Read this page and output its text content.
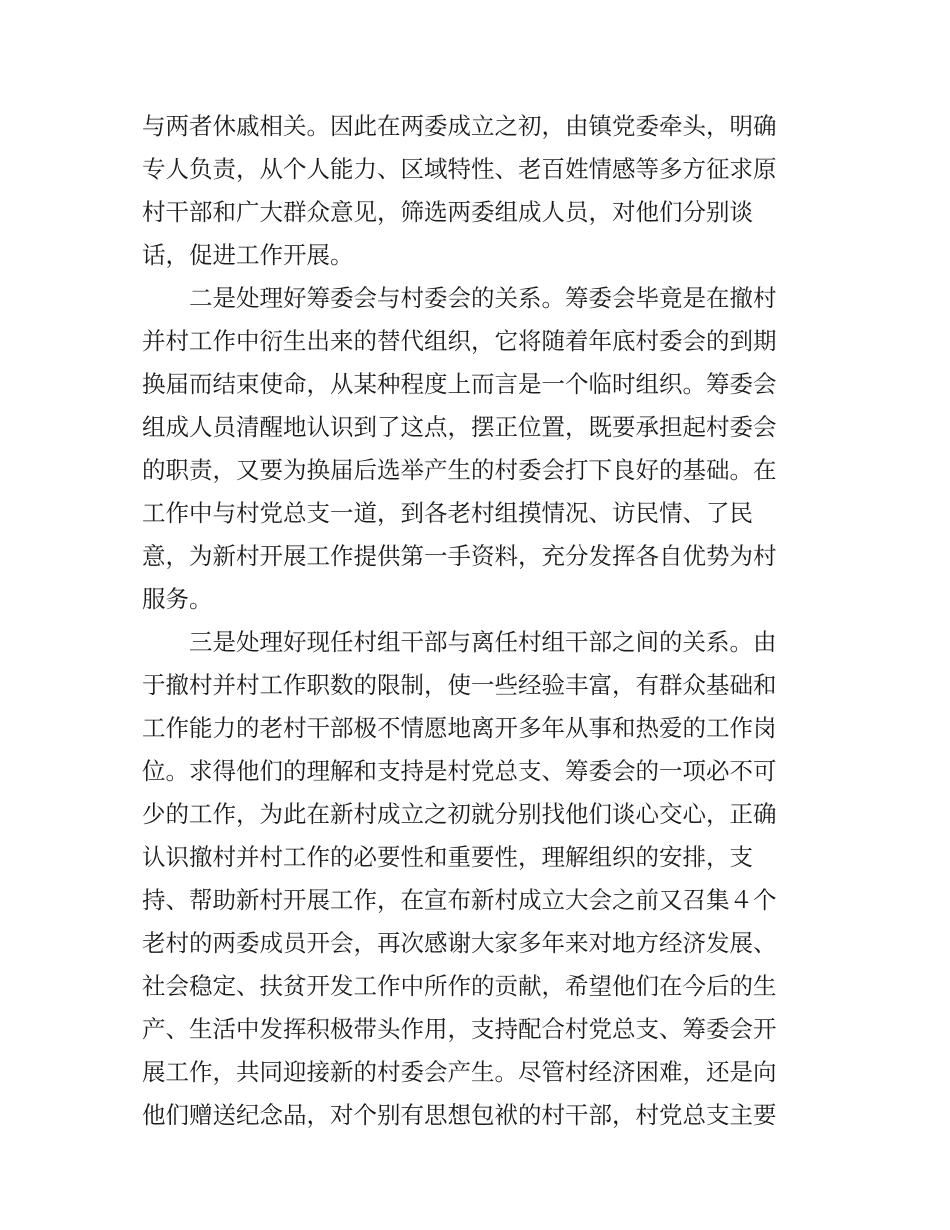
与两者休戚相关。因此在两委成立之初，由镇党委牵头，明确
专人负责，从个人能力、区域特性、老百姓情感等多方征求原
村干部和广大群众意见，筛选两委组成人员，对他们分别谈
话，促进工作开展。
　　二是处理好筹委会与村委会的关系。筹委会毕竟是在撤村
并村工作中衍生出来的替代组织，它将随着年底村委会的到期
换届而结束使命，从某种程度上而言是一个临时组织。筹委会
组成人员清醒地认识到了这点，摆正位置，既要承担起村委会
的职责，又要为换届后选举产生的村委会打下良好的基础。在
工作中与村党总支一道，到各老村组摸情况、访民情、了民
意，为新村开展工作提供第一手资料，充分发挥各自优势为村
服务。
　　三是处理好现任村组干部与离任村组干部之间的关系。由
于撤村并村工作职数的限制，使一些经验丰富，有群众基础和
工作能力的老村干部极不情愿地离开多年从事和热爱的工作岗
位。求得他们的理解和支持是村党总支、筹委会的一项必不可
少的工作，为此在新村成立之初就分别找他们谈心交心，正确
认识撤村并村工作的必要性和重要性，理解组织的安排，支
持、帮助新村开展工作，在宣布新村成立大会之前又召集４个
老村的两委成员开会，再次感谢大家多年来对地方经济发展、
社会稳定、扶贫开发工作中所作的贡献，希望他们在今后的生
产、生活中发挥积极带头作用，支持配合村党总支、筹委会开
展工作，共同迎接新的村委会产生。尽管村经济困难，还是向
他们赠送纪念品，对个别有思想包袱的村干部，村党总支主要
